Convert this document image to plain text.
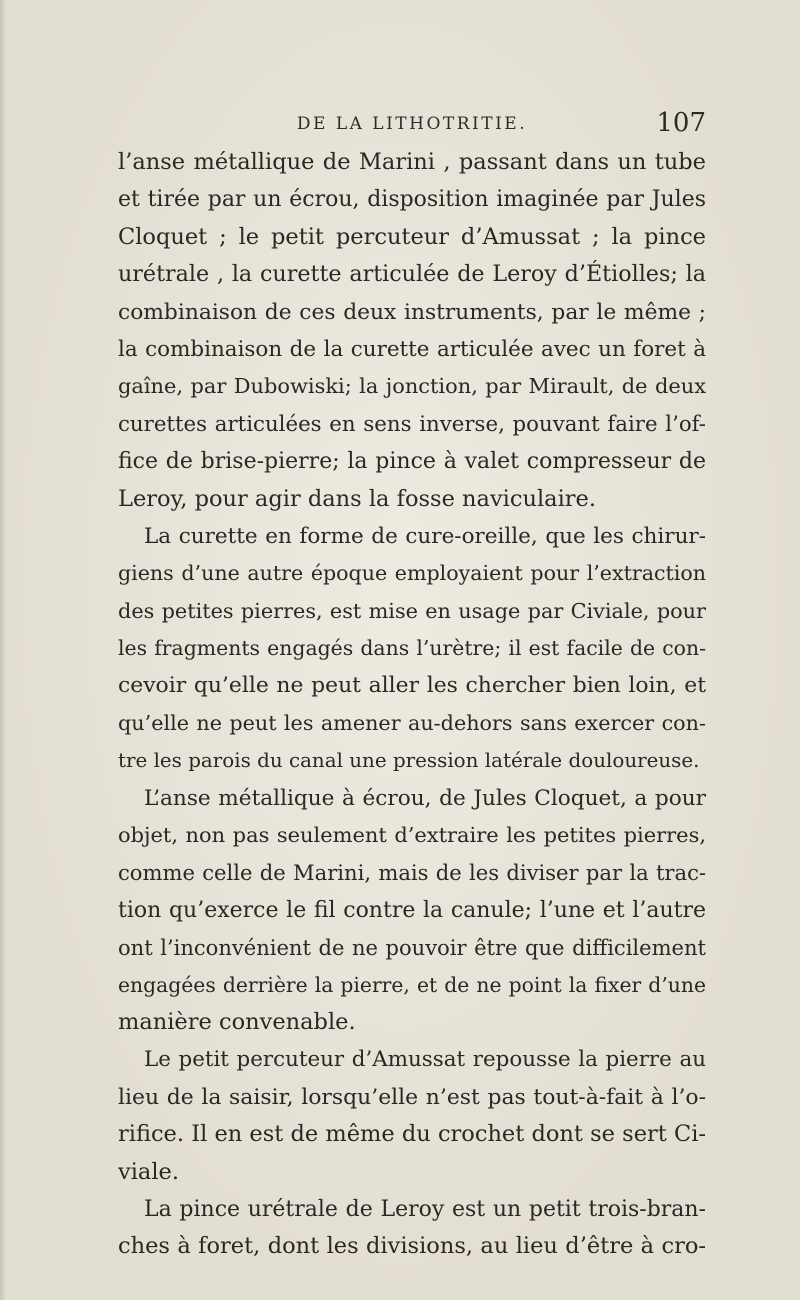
DE LA LITHOTRITIE.	107
l’anse métallique de Marini , passant dans un tube
et tirée par un écrou, disposition imaginée par Jules
Cloquet ; le petit percuteur d’Amussat ; la pince
urétrale , la curette articulée de Leroy d’Étiolles; la
combinaison de ces deux instruments, par le même ;
la combinaison de la curette articulée avec un foret à
gaîne, par Dubowiski; la jonction, par Mirault, de deux
curettes articulées en sens inverse, pouvant faire l’of-
fice de brise-pierre; la pince à valet compresseur de
Leroy, pour agir dans la fosse naviculaire.
La curette en forme de cure-oreille, que les chirur-
giens d’une autre époque employaient pour l’extraction
des petites pierres, est mise en usage par Civiale, pour
les fragments engagés dans l’urètre; il est facile de con-
cevoir qu’elle ne peut aller les chercher bien loin, et
qu’elle ne peut les amener au-dehors sans exercer con-
tre les parois du canal une pression latérale douloureuse.
L’anse métallique à écrou, de Jules Cloquet, a pour
objet, non pas seulement d’extraire les petites pierres,
comme celle de Marini, mais de les diviser par la trac-
tion qu’exerce le fil contre la canule; l’une et l’autre
ont l’inconvénient de ne pouvoir être que difficilement
engagées derrière la pierre, et de ne point la fixer d’une
manière convenable.
Le petit percuteur d’Amussat repousse la pierre au
lieu de la saisir, lorsqu’elle n’est pas tout-à-fait à l’o-
rifice. Il en est de même du crochet dont se sert Ci-
viale.
La pince urétrale de Leroy est un petit trois-bran-
ches à foret, dont les divisions, au lieu d’être à cro-
